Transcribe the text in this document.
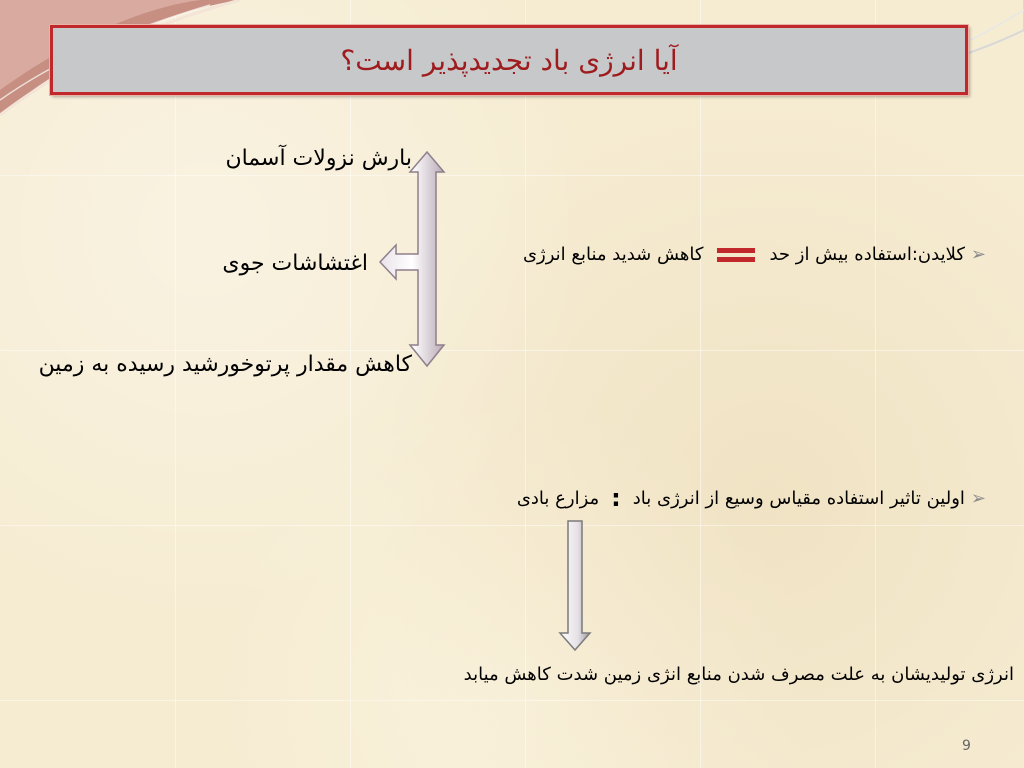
آیا انرژی باد تجدیدپذیر است؟
بارش نزولات آسمان
اغتشاشات جوی
کاهش مقدار پرتوخورشید رسیده به زمین
➢
کلایدن:استفاده بیش از حد
کاهش شدید منابع انرژی
➢
اولین تاثیر استفاده مقیاس وسیع از انرژی باد
:
مزارع بادی
انرژی تولیدیشان به علت مصرف شدن منابع انژی زمین شدت کاهش میابد
9
